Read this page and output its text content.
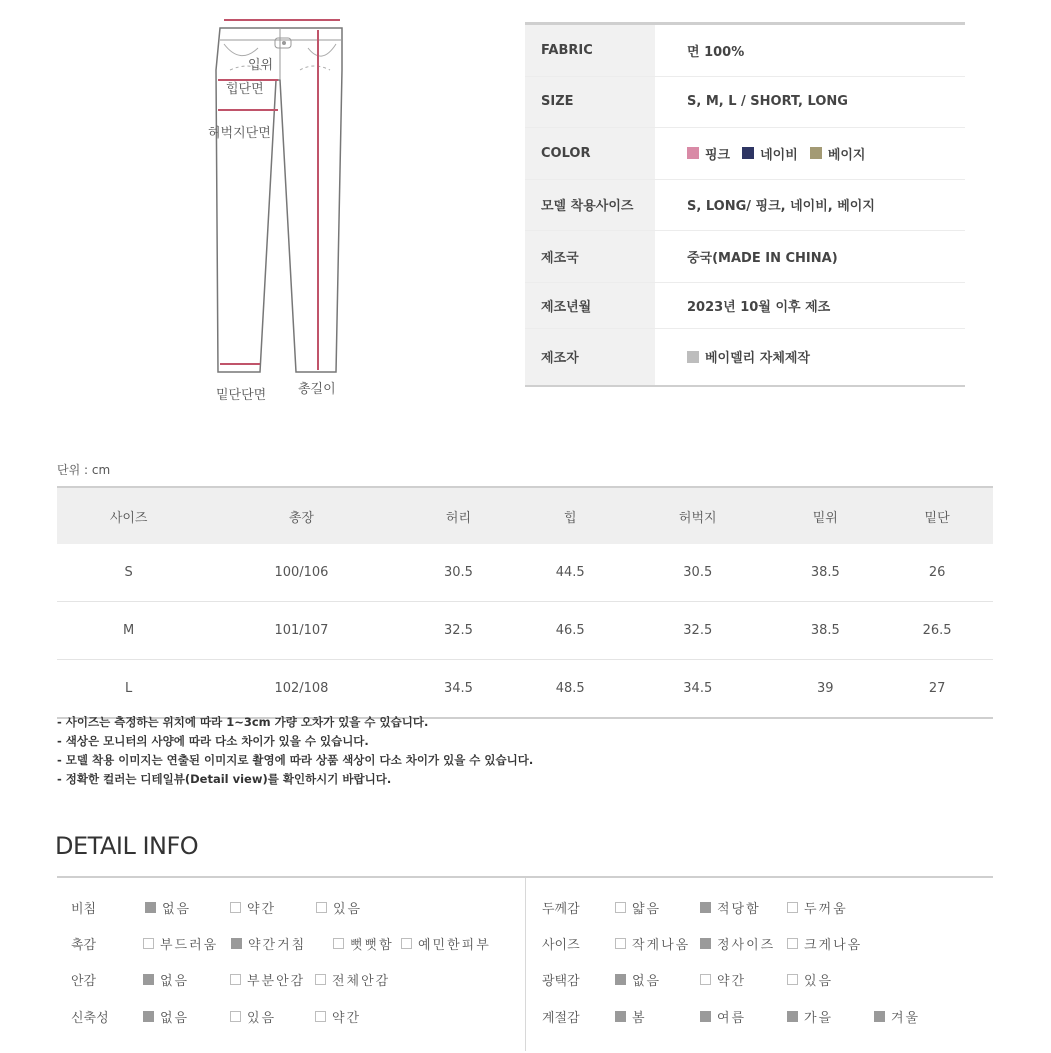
입위
힙단면
허벅지단면
밑단단면 총길이
FABRIC	면 100%
SIZE	S, M, L / SHORT, LONG
COLOR	핑크 네이비 베이지
모델 착용사이즈	S, LONG/ 핑크, 네이비, 베이지
제조국	중국(MADE IN CHINA)
제조년월	2023년 10월 이후 제조
제조자	베이델리 자체제작
단위 : cm
사이즈	총장	허리	힙	허벅지	밑위	밑단
S	100/106	30.5	44.5	30.5	38.5	26
M	101/107	32.5	46.5	32.5	38.5	26.5
L	102/108	34.5	48.5	34.5	39	27
- 사이즈는 측정하는 위치에 따라 1~3cm 가량 오차가 있을 수 있습니다.
- 색상은 모니터의 사양에 따라 다소 차이가 있을 수 있습니다.
- 모델 착용 이미지는 연출된 이미지로 촬영에 따라 상품 색상이 다소 차이가 있을 수 있습니다.
- 정확한 컬러는 디테일뷰(Detail view)를 확인하시기 바랍니다.
DETAIL INFO
비침	없음	약간	있음
촉감	부드러움 약간거침	뻣뻣함 예민한피부
안감	없음	부분안감 전체안감
신축성	없음	있음	약간
두께감	얇음	적당함	두꺼움
사이즈	작게나옴 정사이즈 크게나옴
광택감	없음	약간	있음
계절감	봄	여름	가을	겨울
